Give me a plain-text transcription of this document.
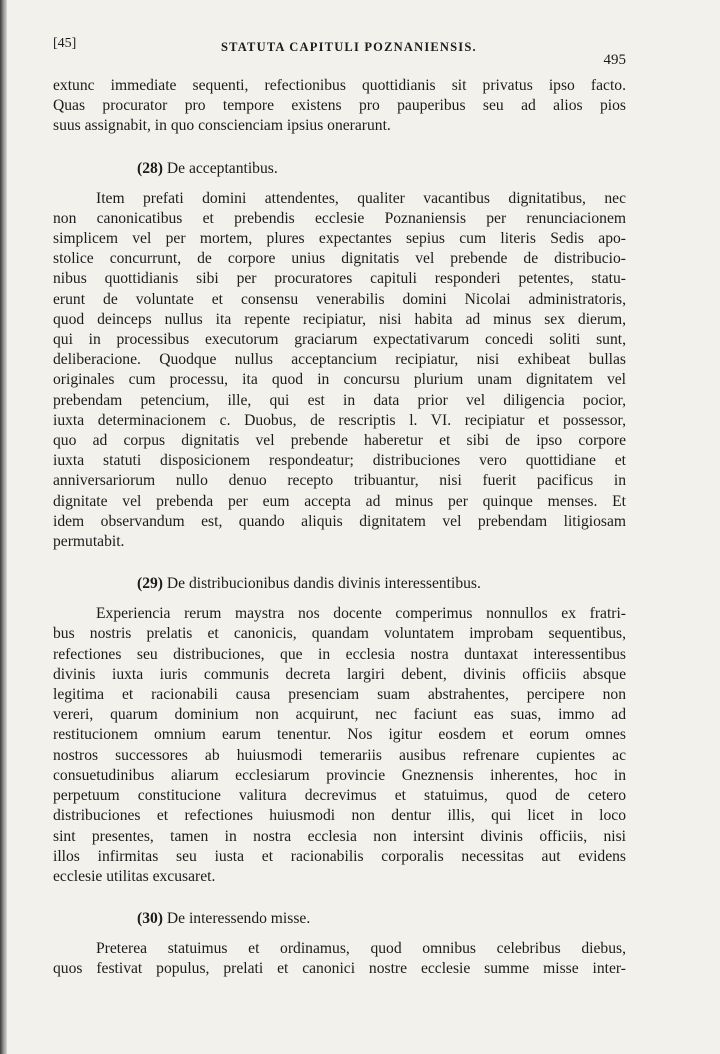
[45]	STATUTA CAPITULI POZNANIENSIS.
495
extunc immediate sequenti, refectionibus quottidianis sit privatus ipso facto.
Quas procurator pro tempore existens pro pauperibus seu ad alios pios
suus assignabit, in quo conscienciam ipsius onerarunt.
(28) De acceptantibus.
Item prefati domini attendentes, qualiter vacantibus dignitatibus, nec
non canonicatibus et prebendis ecclesie Poznaniensis per renunciacionem
simplicem vel per mortem, plures expectantes sepius cum literis Sedis apo-
stolice concurrunt, de corpore unius dignitatis vel prebende de distribucio-
nibus quottidianis sibi per procuratores capituli responderi petentes, statu-
erunt de voluntate et consensu venerabilis domini Nicolai administratoris,
quod deinceps nullus ita repente recipiatur, nisi habita ad minus sex dierum,
qui in processibus executorum graciarum expectativarum concedi soliti sunt,
deliberacione. Quodque nullus acceptancium recipiatur, nisi exhibeat bullas
originales cum processu, ita quod in concursu plurium unam dignitatem vel
prebendam petencium, ille, qui est in data prior vel diligencia pocior,
iuxta determinacionem c. Duobus, de rescriptis l. VI. recipiatur et possessor,
quo ad corpus dignitatis vel prebende haberetur et sibi de ipso corpore
iuxta statuti disposicionem respondeatur; distribuciones vero quottidiane et
anniversariorum nullo denuo recepto tribuantur, nisi fuerit pacificus in
dignitate vel prebenda per eum accepta ad minus per quinque menses. Et
idem observandum est, quando aliquis dignitatem vel prebendam litigiosam
permutabit.
(29) De distribucionibus dandis divinis interessentibus.
Experiencia rerum maystra nos docente comperimus nonnullos ex fratri-
bus nostris prelatis et canonicis, quandam voluntatem improbam sequentibus,
refectiones seu distribuciones, que in ecclesia nostra duntaxat interessentibus
divinis iuxta iuris communis decreta largiri debent, divinis officiis absque
legitima et racionabili causa presenciam suam abstrahentes, percipere non
vereri, quarum dominium non acquirunt, nec faciunt eas suas, immo ad
restitucionem omnium earum tenentur. Nos igitur eosdem et eorum omnes
nostros successores ab huiusmodi temerariis ausibus refrenare cupientes ac
consuetudinibus aliarum ecclesiarum provincie Gneznensis inherentes, hoc in
perpetuum constitucione valitura decrevimus et statuimus, quod de cetero
distribuciones et refectiones huiusmodi non dentur illis, qui licet in loco
sint presentes, tamen in nostra ecclesia non intersint divinis officiis, nisi
illos infirmitas seu iusta et racionabilis corporalis necessitas aut evidens
ecclesie utilitas excusaret.
(30) De interessendo misse.
Preterea statuimus et ordinamus, quod omnibus celebribus diebus,
quos festivat populus, prelati et canonici nostre ecclesie summe misse inter-
